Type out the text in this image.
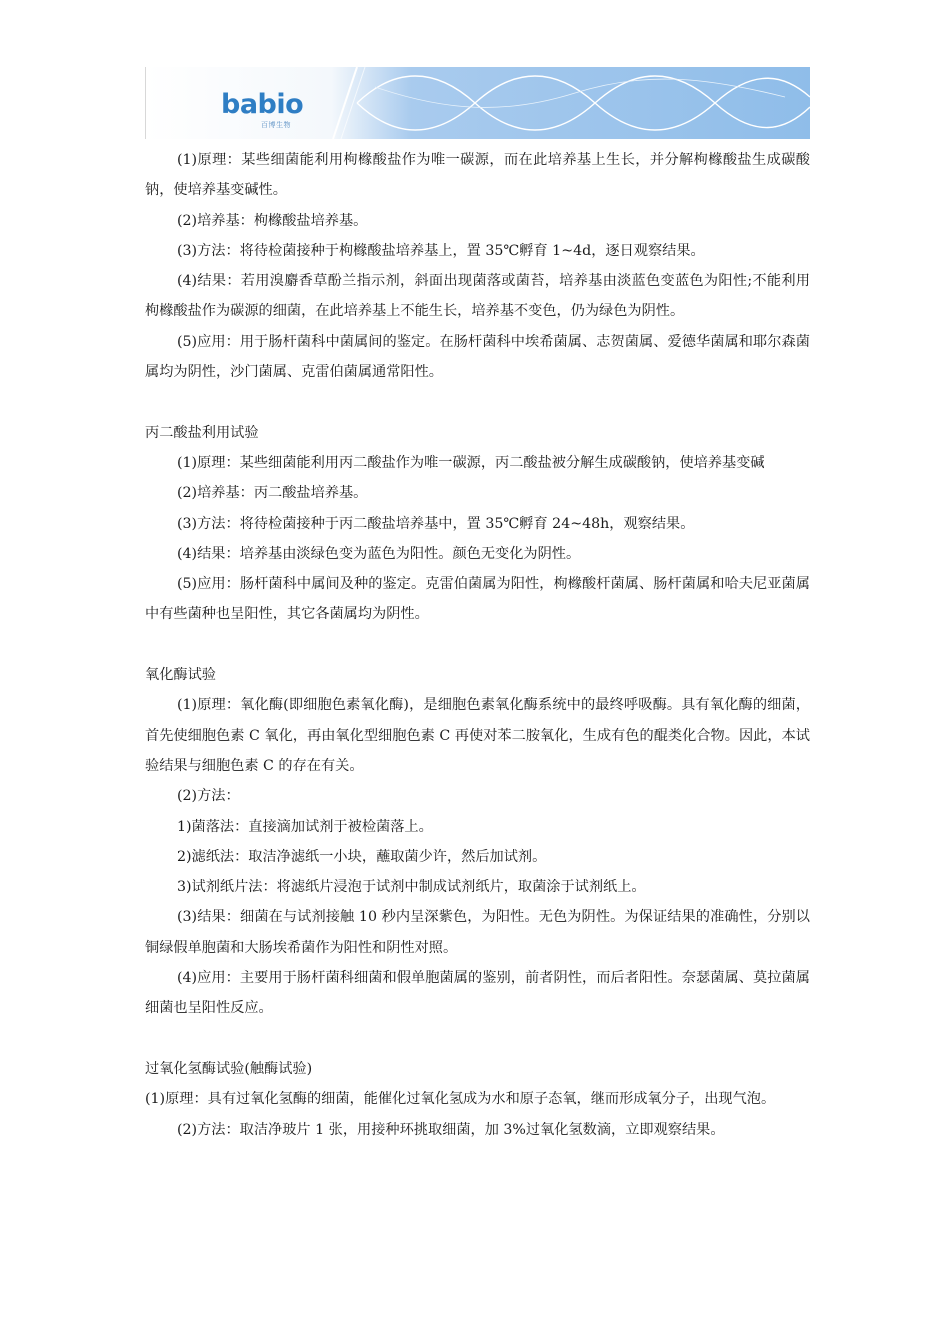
babio
百博生物

(1)原理：某些细菌能利用枸橼酸盐作为唯一碳源，而在此培养基上生长，并分解枸橼酸盐生成碳酸钠，使培养基变碱性。

(2)培养基：枸橼酸盐培养基。

(3)方法：将待检菌接种于枸橼酸盐培养基上，置 35℃孵育 1~4d，逐日观察结果。

(4)结果：若用溴麝香草酚兰指示剂，斜面出现菌落或菌苔，培养基由淡蓝色变蓝色为阳性;不能利用枸橼酸盐作为碳源的细菌，在此培养基上不能生长，培养基不变色，仍为绿色为阴性。

(5)应用：用于肠杆菌科中菌属间的鉴定。在肠杆菌科中埃希菌属、志贺菌属、爱德华菌属和耶尔森菌属均为阴性，沙门菌属、克雷伯菌属通常阳性。

丙二酸盐利用试验

(1)原理：某些细菌能利用丙二酸盐作为唯一碳源，丙二酸盐被分解生成碳酸钠，使培养基变碱

(2)培养基：丙二酸盐培养基。

(3)方法：将待检菌接种于丙二酸盐培养基中，置 35℃孵育 24~48h，观察结果。

(4)结果：培养基由淡绿色变为蓝色为阳性。颜色无变化为阴性。

(5)应用：肠杆菌科中属间及种的鉴定。克雷伯菌属为阳性，枸橼酸杆菌属、肠杆菌属和哈夫尼亚菌属中有些菌种也呈阳性，其它各菌属均为阴性。

氧化酶试验

(1)原理：氧化酶(即细胞色素氧化酶)，是细胞色素氧化酶系统中的最终呼吸酶。具有氧化酶的细菌，首先使细胞色素 C 氧化，再由氧化型细胞色素 C 再使对苯二胺氧化，生成有色的醌类化合物。因此，本试验结果与细胞色素 C 的存在有关。

(2)方法：

1)菌落法：直接滴加试剂于被检菌落上。

2)滤纸法：取洁净滤纸一小块，蘸取菌少许，然后加试剂。

3)试剂纸片法：将滤纸片浸泡于试剂中制成试剂纸片，取菌涂于试剂纸上。

(3)结果：细菌在与试剂接触 10 秒内呈深紫色，为阳性。无色为阴性。为保证结果的准确性，分别以铜绿假单胞菌和大肠埃希菌作为阳性和阴性对照。

(4)应用：主要用于肠杆菌科细菌和假单胞菌属的鉴别，前者阴性，而后者阳性。奈瑟菌属、莫拉菌属细菌也呈阳性反应。

过氧化氢酶试验(触酶试验)

(1)原理：具有过氧化氢酶的细菌，能催化过氧化氢成为水和原子态氧，继而形成氧分子，出现气泡。

(2)方法：取洁净玻片 1 张，用接种环挑取细菌，加 3%过氧化氢数滴，立即观察结果。
